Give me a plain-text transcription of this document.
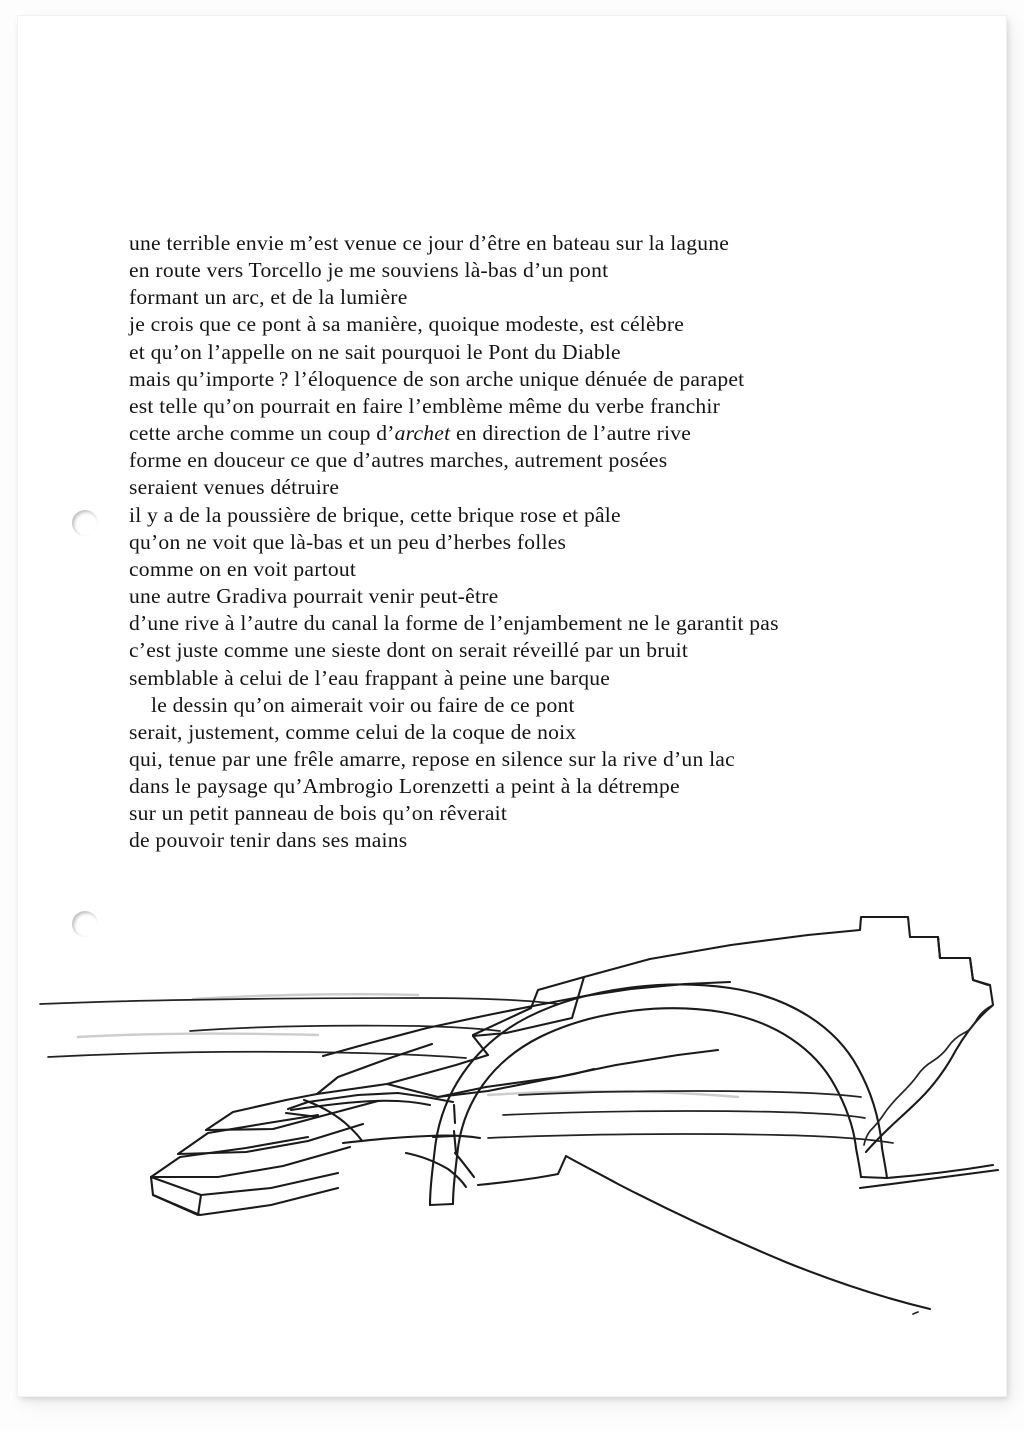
une terrible envie m’est venue ce jour d’être en bateau sur la lagune
en route vers Torcello je me souviens là-bas d’un pont
formant un arc, et de la lumière
je crois que ce pont à sa manière, quoique modeste, est célèbre
et qu’on l’appelle on ne sait pourquoi le Pont du Diable
mais qu’importe ? l’éloquence de son arche unique dénuée de parapet
est telle qu’on pourrait en faire l’emblème même du verbe franchir
cette arche comme un coup d’archet en direction de l’autre rive
forme en douceur ce que d’autres marches, autrement posées
seraient venues détruire
il y a de la poussière de brique, cette brique rose et pâle
qu’on ne voit que là-bas et un peu d’herbes folles
comme on en voit partout
une autre Gradiva pourrait venir peut-être
d’une rive à l’autre du canal la forme de l’enjambement ne le garantit pas
c’est juste comme une sieste dont on serait réveillé par un bruit
semblable à celui de l’eau frappant à peine une barque
le dessin qu’on aimerait voir ou faire de ce pont
serait, justement, comme celui de la coque de noix
qui, tenue par une frêle amarre, repose en silence sur la rive d’un lac
dans le paysage qu’Ambrogio Lorenzetti a peint à la détrempe
sur un petit panneau de bois qu’on rêverait
de pouvoir tenir dans ses mains
